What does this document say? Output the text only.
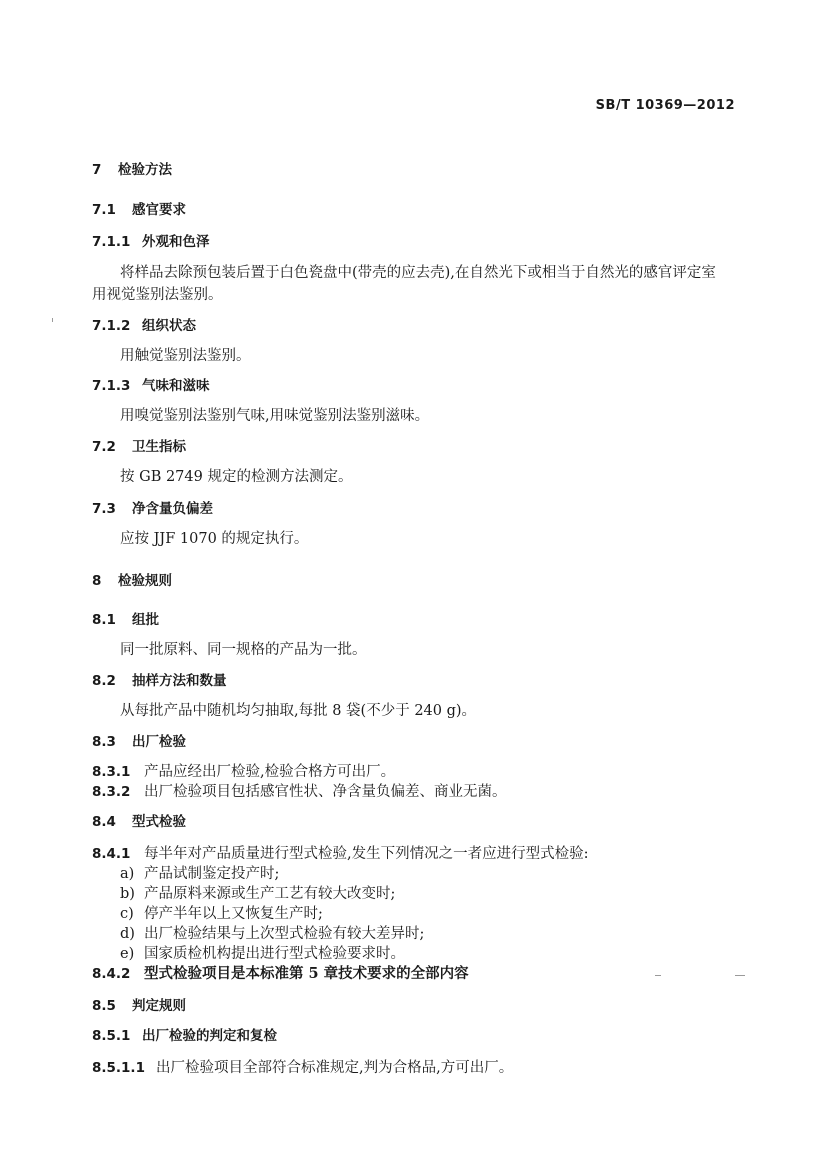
SB/T 10369—2012
7 检验方法
7.1 感官要求
7.1.1 外观和色泽
将样品去除预包装后置于白色瓷盘中(带壳的应去壳),在自然光下或相当于自然光的感官评定室
用视觉鉴别法鉴别。
7.1.2 组织状态
用触觉鉴别法鉴别。
7.1.3 气味和滋味
用嗅觉鉴别法鉴别气味,用味觉鉴别法鉴别滋味。
7.2 卫生指标
按 GB 2749 规定的检测方法测定。
7.3 净含量负偏差
应按 JJF 1070 的规定执行。
8 检验规则
8.1 组批
同一批原料、同一规格的产品为一批。
8.2 抽样方法和数量
从每批产品中随机均匀抽取,每批 8 袋(不少于 240 g)。
8.3 出厂检验
8.3.1 产品应经出厂检验,检验合格方可出厂。
8.3.2 出厂检验项目包括感官性状、净含量负偏差、商业无菌。
8.4 型式检验
8.4.1 每半年对产品质量进行型式检验,发生下列情况之一者应进行型式检验:
a) 产品试制鉴定投产时;
b) 产品原料来源或生产工艺有较大改变时;
c) 停产半年以上又恢复生产时;
d) 出厂检验结果与上次型式检验有较大差异时;
e) 国家质检机构提出进行型式检验要求时。
8.4.2 型式检验项目是本标准第 5 章技术要求的全部内容
8.5 判定规则
8.5.1 出厂检验的判定和复检
8.5.1.1 出厂检验项目全部符合标准规定,判为合格品,方可出厂。
